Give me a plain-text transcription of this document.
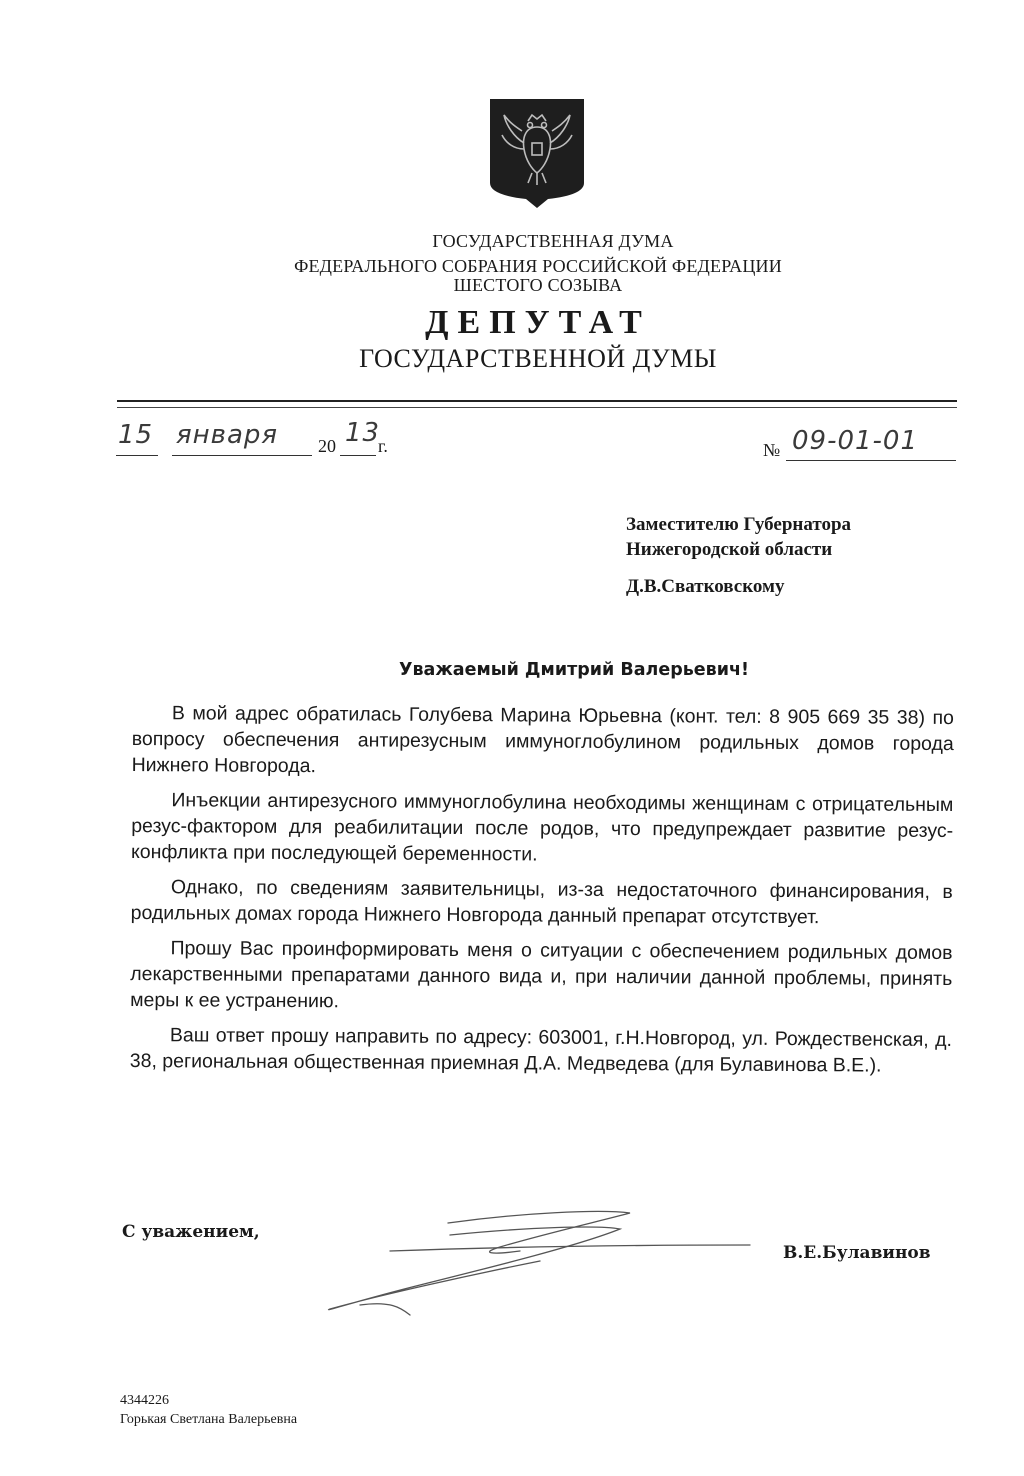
ГОСУДАРСТВЕННАЯ ДУМА
ФЕДЕРАЛЬНОГО СОБРАНИЯ РОССИЙСКОЙ ФЕДЕРАЦИИ
ШЕСТОГО СОЗЫВА
ДЕПУТАТ
ГОСУДАРСТВЕННОЙ ДУМЫ
15 января 20 13
г.	№ 09-01-01
Заместителю Губернатора
Нижегородской области
Д.В.Сватковскому
Уважаемый Дмитрий Валерьевич!

В мой адрес обратилась Голубева Марина Юрьевна (конт. тел: 8 905 669 35 38) по вопросу обеспечения антирезусным иммуноглобулином родильных домов города Нижнего Новгорода.

Инъекции антирезусного иммуноглобулина необходимы женщинам с отрицательным резус-фактором для реабилитации после родов, что предупреждает развитие резус-конфликта при последующей беременности.

Однако, по сведениям заявительницы, из-за недостаточного финансирования, в родильных домах города Нижнего Новгорода данный препарат отсутствует.

Прошу Вас проинформировать меня о ситуации с обеспечением родильных домов лекарственными препаратами данного вида и, при наличии данной проблемы, принять меры к ее устранению.

Ваш ответ прошу направить по адресу: 603001, г.Н.Новгород, ул. Рождественская, д. 38, региональная общественная приемная Д.А. Медведева (для Булавинова В.Е.).

С уважением,
В.Е.Булавинов
4344226
Горькая Светлана Валерьевна
